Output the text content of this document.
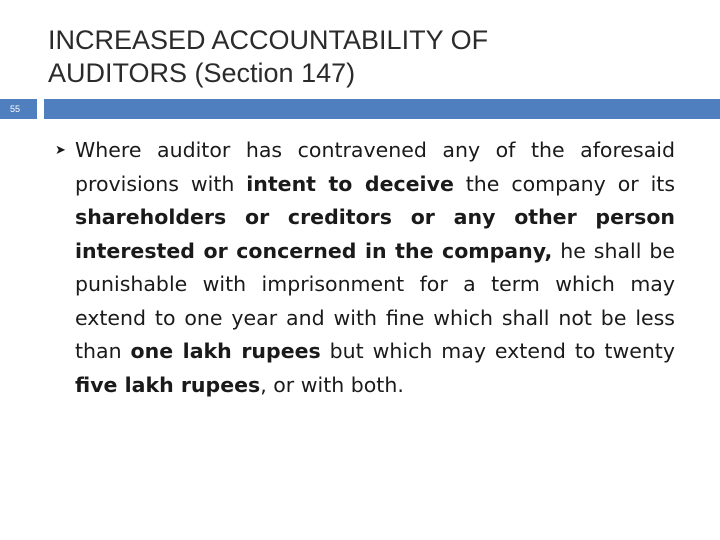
INCREASED ACCOUNTABILITY OF
AUDITORS (Section 147)
55
➤ Where auditor has contravened any of the aforesaid provisions with intent to deceive the company or its shareholders or creditors or any other person interested or concerned in the company, he shall be punishable with imprisonment for a term which may extend to one year and with fine which shall not be less than one lakh rupees but which may extend to twenty five lakh rupees, or with both.
